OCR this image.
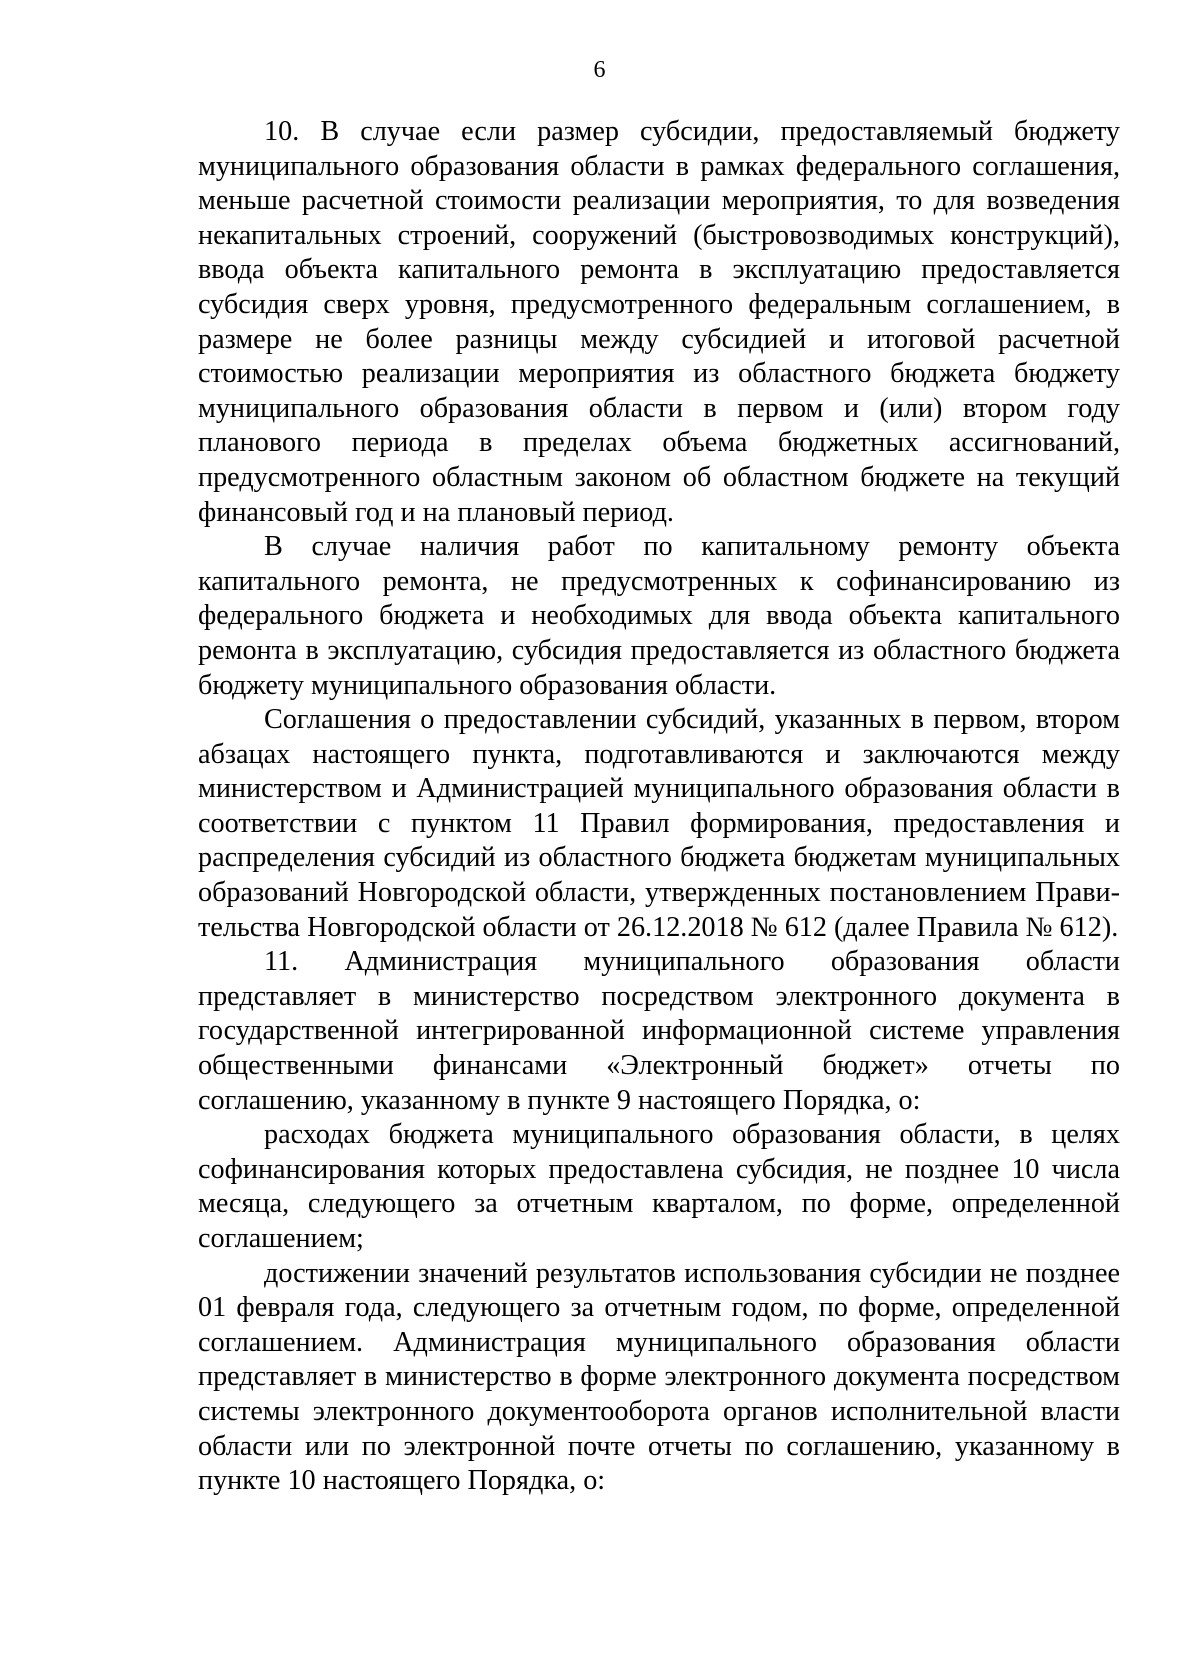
6

10. В случае если размер субсидии, предоставляемый бюджету муниципального образования области в рамках федерального соглашения, меньше расчетной стоимости реализации мероприятия, то для возведения некапитальных строений, сооружений (быстровозводимых конструкций), ввода объекта капитального ремонта в эксплуатацию предоставляется субсидия сверх уровня, предусмотренного федеральным соглашением, в размере не более разницы между субсидией и итоговой расчетной стоимостью реализации мероприятия из областного бюджета бюджету муниципального образования области в первом и (или) втором году планового периода в пределах объема бюджетных ассигнований, предусмотренного областным законом об областном бюджете на текущий финансовый год и на плановый период.

В случае наличия работ по капитальному ремонту объекта капитального ремонта, не предусмотренных к софинансированию из федерального бюджета и необходимых для ввода объекта капитального ремонта в эксплуатацию, субсидия предоставляется из областного бюджета бюджету муниципального образования области.

Соглашения о предоставлении субсидий, указанных в первом, втором абзацах настоящего пункта, подготавливаются и заключаются между министерством и Администрацией муниципального образования области в соответствии с пунктом 11 Правил формирования, предоставления и распределения субсидий из областного бюджета бюджетам муниципальных образований Новгородской области, утвержденных постановлением Правительства Новгородской области от 26.12.2018 № 612 (далее Правила № 612).

11. Администрация муниципального образования области представляет в министерство посредством электронного документа в государственной интегрированной информационной системе управления общественными финансами «Электронный бюджет» отчеты по соглашению, указанному в пункте 9 настоящего Порядка, о:

расходах бюджета муниципального образования области, в целях софинансирования которых предоставлена субсидия, не позднее 10 числа месяца, следующего за отчетным кварталом, по форме, определенной соглашением;

достижении значений результатов использования субсидии не позднее 01 февраля года, следующего за отчетным годом, по форме, определенной соглашением. Администрация муниципального образования области представляет в министерство в форме электронного документа посредством системы электронного документооборота органов исполнительной власти области или по электронной почте отчеты по соглашению, указанному в пункте 10 настоящего Порядка, о:
